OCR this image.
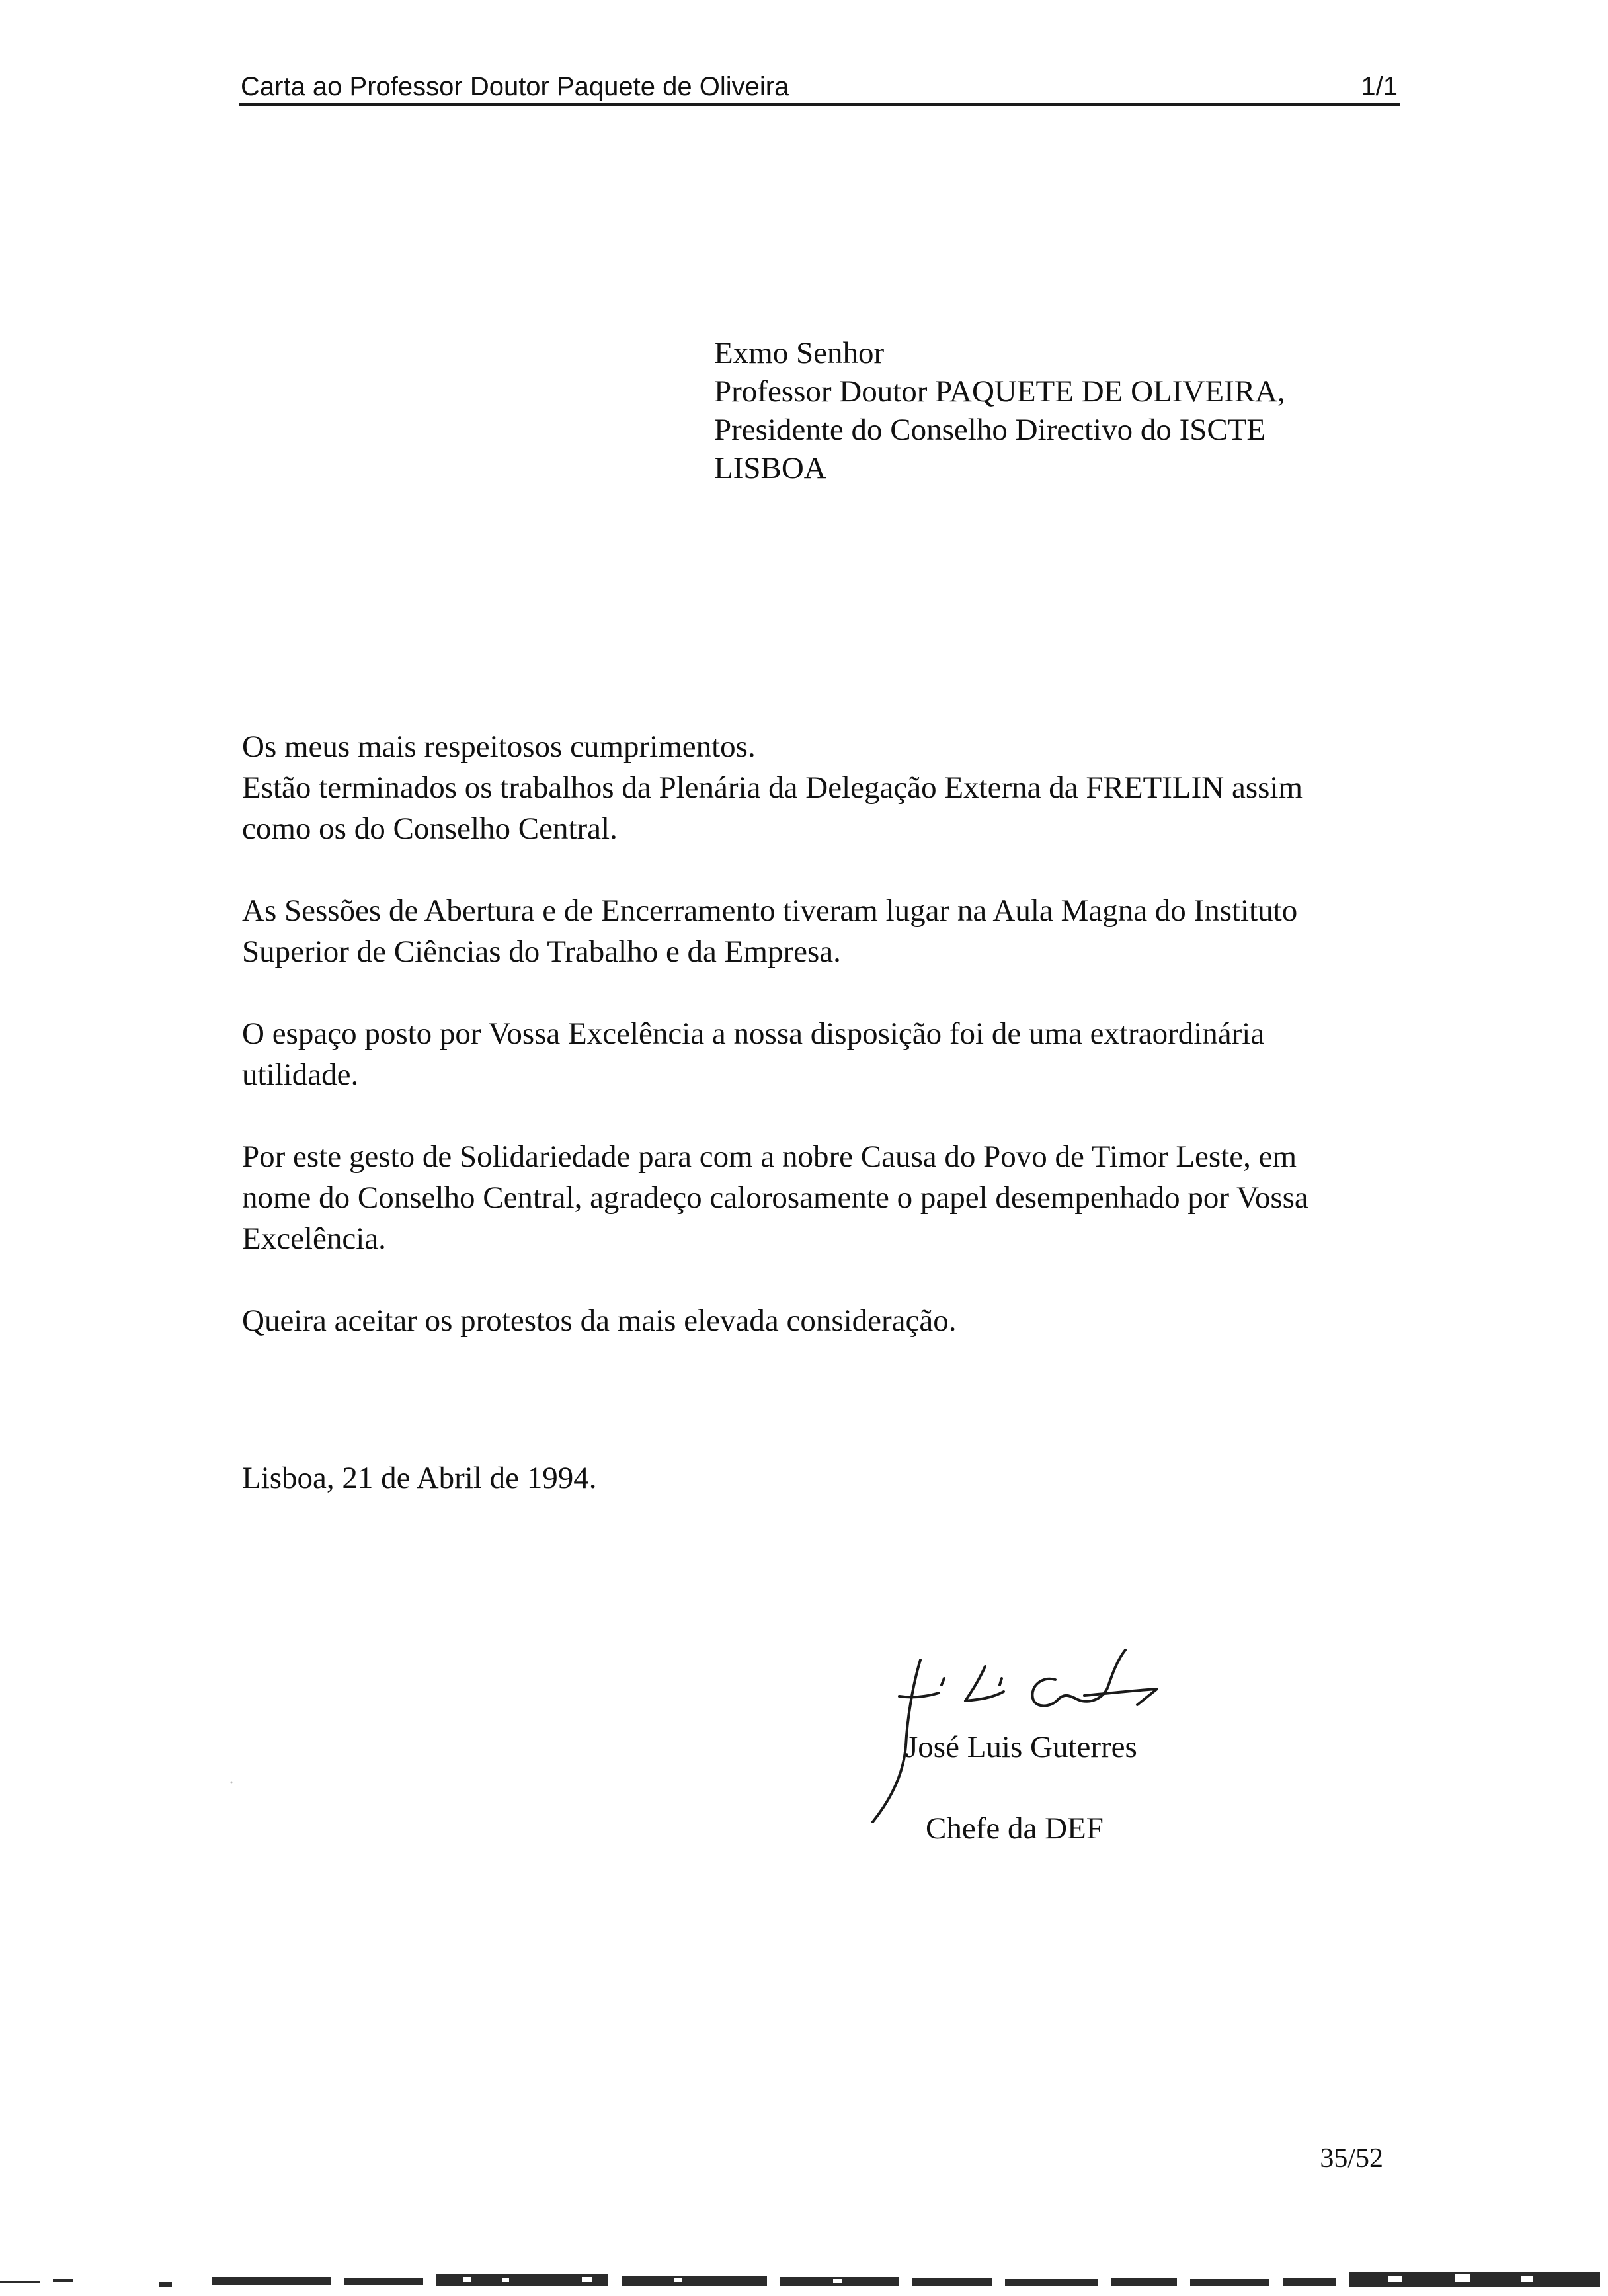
Carta ao Professor Doutor Paquete de Oliveira	1/1
Exmo Senhor
Professor Doutor PAQUETE DE OLIVEIRA,
Presidente do Conselho Directivo do ISCTE
LISBOA
Os meus mais respeitosos cumprimentos.
Estão terminados os trabalhos da Plenária da Delegação Externa da FRETILIN assim
como os do Conselho Central.
As Sessões de Abertura e de Encerramento tiveram lugar na Aula Magna do Instituto
Superior de Ciências do Trabalho e da Empresa.
O espaço posto por Vossa Excelência a nossa disposição foi de uma extraordinária
utilidade.
Por este gesto de Solidariedade para com a nobre Causa do Povo de Timor Leste, em
nome do Conselho Central, agradeço calorosamente o papel desempenhado por Vossa
Excelência.
Queira aceitar os protestos da mais elevada consideração.
Lisboa, 21 de Abril de 1994.
José Luis Guterres
Chefe da DEF
35/52
